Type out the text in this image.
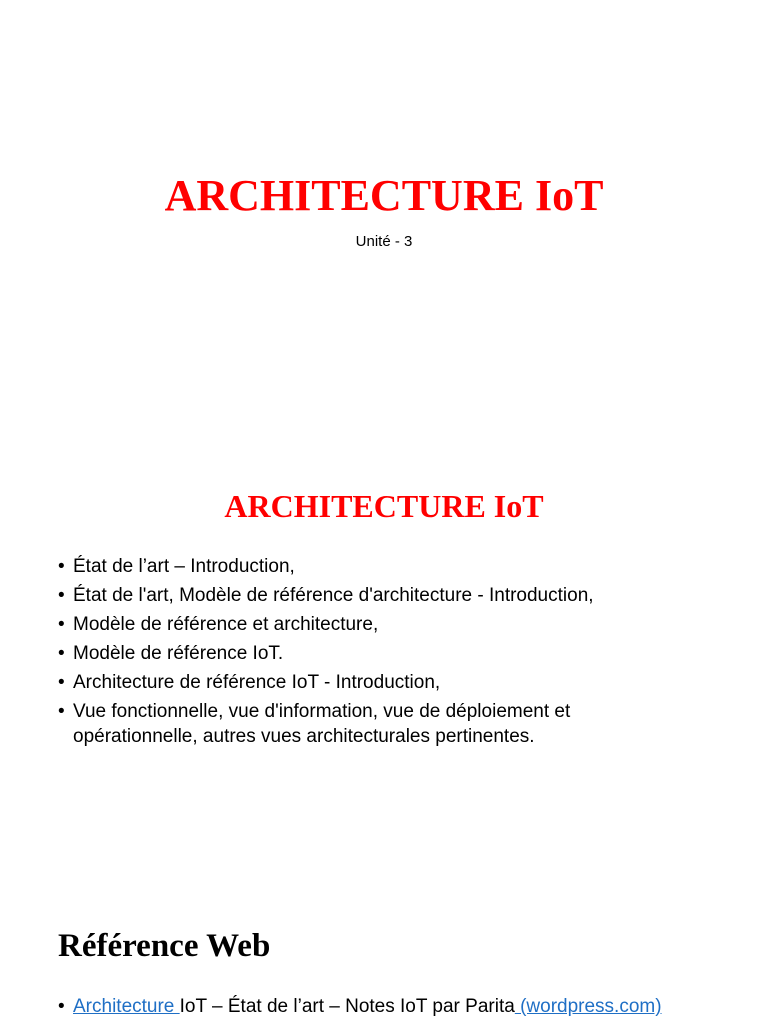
ARCHITECTURE IoT

Unité - 3

ARCHITECTURE IoT
• État de l’art – Introduction,
• État de l'art, Modèle de référence d'architecture - Introduction,
• Modèle de référence et architecture,
• Modèle de référence IoT.
• Architecture de référence IoT - Introduction,
• Vue fonctionnelle, vue d'information, vue de déploiement et opérationnelle, autres vues architecturales pertinentes.
Référence Web
• Architecture IoT – État de l’art – Notes IoT par Parita (wordpress.com)
